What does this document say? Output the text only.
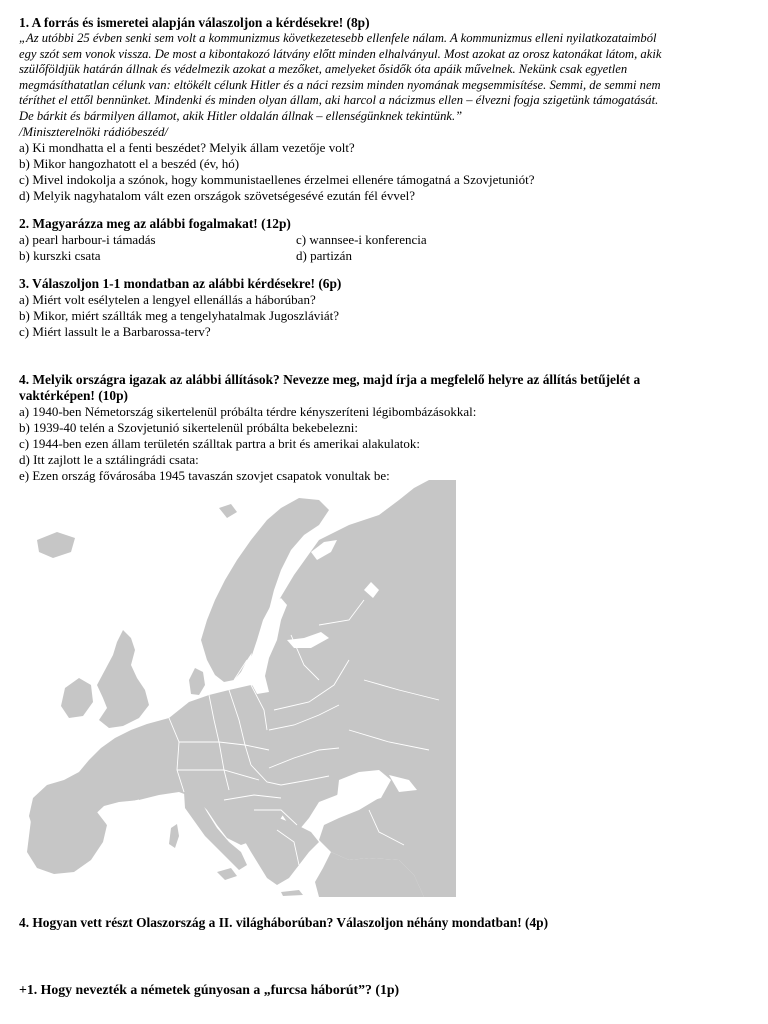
1. A forrás és ismeretei alapján válaszoljon a kérdésekre! (8p)
„Az utóbbi 25 évben senki sem volt a kommunizmus következetesebb ellenfele nálam. A kommunizmus elleni nyilatkozataimból
egy szót sem vonok vissza. De most a kibontakozó látvány előtt minden elhalványul. Most azokat az orosz katonákat látom, akik
szülőföldjük határán állnak és védelmezik azokat a mezőket, amelyeket ősidők óta apáik művelnek. Nekünk csak egyetlen
megmásíthatatlan célunk van: eltökélt célunk Hitler és a náci rezsim minden nyomának megsemmisítése. Semmi, de semmi nem
téríthet el ettől bennünket. Mindenki és minden olyan állam, aki harcol a nácizmus ellen – élvezni fogja szigetünk támogatását.
De bárkit és bármilyen államot, akik Hitler oldalán állnak – ellenségünknek tekintünk.”
/Miniszterelnöki rádióbeszéd/
a) Ki mondhatta el a fenti beszédet? Melyik állam vezetője volt?
b) Mikor hangozhatott el a beszéd (év, hó)
c) Mivel indokolja a szónok, hogy kommunistaellenes érzelmei ellenére támogatná a Szovjetuniót?
d) Melyik nagyhatalom vált ezen országok szövetségesévé ezután fél évvel?
2. Magyarázza meg az alábbi fogalmakat! (12p)
a) pearl harbour-i támadás	c) wannsee-i konferencia
b) kurszki csata	d) partizán
3. Válaszoljon 1-1 mondatban az alábbi kérdésekre! (6p)
a) Miért volt esélytelen a lengyel ellenállás a háborúban?
b) Mikor, miért szállták meg a tengelyhatalmak Jugoszláviát?
c) Miért lassult le a Barbarossa-terv?
4. Melyik országra igazak az alábbi állítások? Nevezze meg, majd írja a megfelelő helyre az állítás betűjelét a
vaktérképen! (10p)
a) 1940-ben Németország sikertelenül próbálta térdre kényszeríteni légibombázásokkal:
b) 1939-40 telén a Szovjetunió sikertelenül próbálta bekebelezni:
c) 1944-ben ezen állam területén szálltak partra a brit és amerikai alakulatok:
d) Itt zajlott le a sztálingrádi csata:
e) Ezen ország fővárosába 1945 tavaszán szovjet csapatok vonultak be:
4. Hogyan vett részt Olaszország a II. világháborúban? Válaszoljon néhány mondatban! (4p)
+1. Hogy nevezték a németek gúnyosan a „furcsa háborút”? (1p)
